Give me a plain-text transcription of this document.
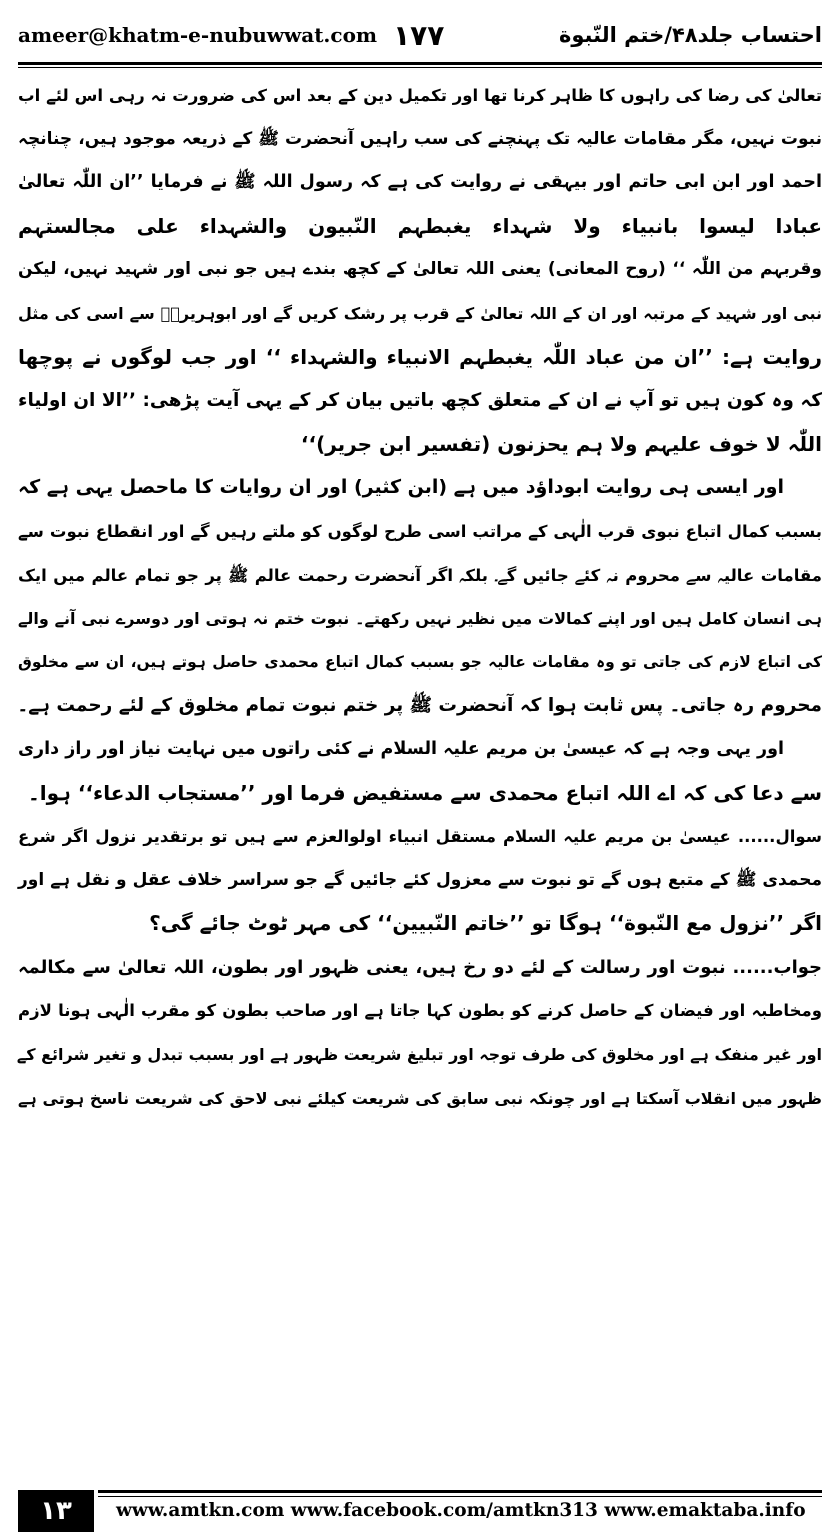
ameer@khatm-e-nubuwwat.com ۱۷۷	احتساب جلد۴۸/ختم النّبوة
تعالیٰ کی رضا کی راہوں کا ظاہر کرنا تھا اور تکمیل دین کے بعد اس کی ضرورت نہ رہی اس لئے اب
نبوت نہیں، مگر مقامات عالیہ تک پہنچنے کی سب راہیں آنحضرت ﷺ کے ذریعہ موجود ہیں، چنانچہ
احمد اور ابن ابی حاتم اور بیہقی نے روایت کی ہے کہ رسول اللہ ﷺ نے فرمایا ’’ان اللّٰہ تعالیٰ
عبادا لیسوا بانبیاء ولا شہداء یغبطہم النّبیون والشہداء علی مجالستہم
وقربہم من اللّٰہ ‘‘ (روح المعانی) یعنی اللہ تعالیٰ کے کچھ بندے ہیں جو نبی اور شہید نہیں، لیکن
نبی اور شہید کے مرتبہ اور ان کے اللہ تعالیٰ کے قرب پر رشک کریں گے اور ابوہریرہؓ سے اسی کی مثل
روایت ہے: ’’ان من عباد اللّٰہ یغبطہم الانبیاء والشہداء ‘‘ اور جب لوگوں نے پوچھا
کہ وہ کون ہیں تو آپ نے ان کے متعلق کچھ باتیں بیان کر کے یہی آیت پڑھی: ’’الا ان اولیاء
اللّٰہ لا خوف علیہم ولا ہم یحزنون (تفسیر ابن جریر)‘‘
اور ایسی ہی روایت ابوداؤد میں ہے (ابن کثیر) اور ان روایات کا ماحصل یہی ہے کہ
بسبب کمال اتباع نبوی قرب الٰہی کے مراتب اسی طرح لوگوں کو ملتے رہیں گے اور انقطاع نبوت سے
مقامات عالیہ سے محروم نہ کئے جائیں گے۔ بلکہ اگر آنحضرت رحمت عالم ﷺ پر جو تمام عالم میں ایک
ہی انسان کامل ہیں اور اپنے کمالات میں نظیر نہیں رکھتے۔ نبوت ختم نہ ہوتی اور دوسرے نبی آنے والے
کی اتباع لازم کی جاتی تو وہ مقامات عالیہ جو بسبب کمال اتباع محمدی حاصل ہوتے ہیں، ان سے مخلوق
محروم رہ جاتی۔ پس ثابت ہوا کہ آنحضرت ﷺ پر ختم نبوت تمام مخلوق کے لئے رحمت ہے۔
اور یہی وجہ ہے کہ عیسیٰ بن مریم علیہ السلام نے کئی راتوں میں نہایت نیاز اور راز داری
سے دعا کی کہ اے اللہ اتباع محمدی سے مستفیض فرما اور ’’مستجاب الدعاء‘‘ ہوا۔
سوال...... عیسیٰ بن مریم علیہ السلام مستقل انبیاء اولوالعزم سے ہیں تو برتقدیر نزول اگر شرع
محمدی ﷺ کے متبع ہوں گے تو نبوت سے معزول کئے جائیں گے جو سراسر خلاف عقل و نقل ہے اور
اگر ’’نزول مع النّبوة‘‘ ہوگا تو ’’خاتم النّبیین‘‘ کی مہر ٹوٹ جائے گی؟
جواب...... نبوت اور رسالت کے لئے دو رخ ہیں، یعنی ظہور اور بطون، اللہ تعالیٰ سے مکالمہ
ومخاطبہ اور فیضان کے حاصل کرنے کو بطون کہا جاتا ہے اور صاحب بطون کو مقرب الٰہی ہونا لازم
اور غیر منفک ہے اور مخلوق کی طرف توجہ اور تبلیغ شریعت ظہور ہے اور بسبب تبدل و تغیر شرائع کے
ظہور میں انقلاب آسکتا ہے اور چونکہ نبی سابق کی شریعت کیلئے نبی لاحق کی شریعت ناسخ ہوتی ہے
۱۳	www.amtkn.com www.facebook.com/amtkn313 www.emaktaba.info
